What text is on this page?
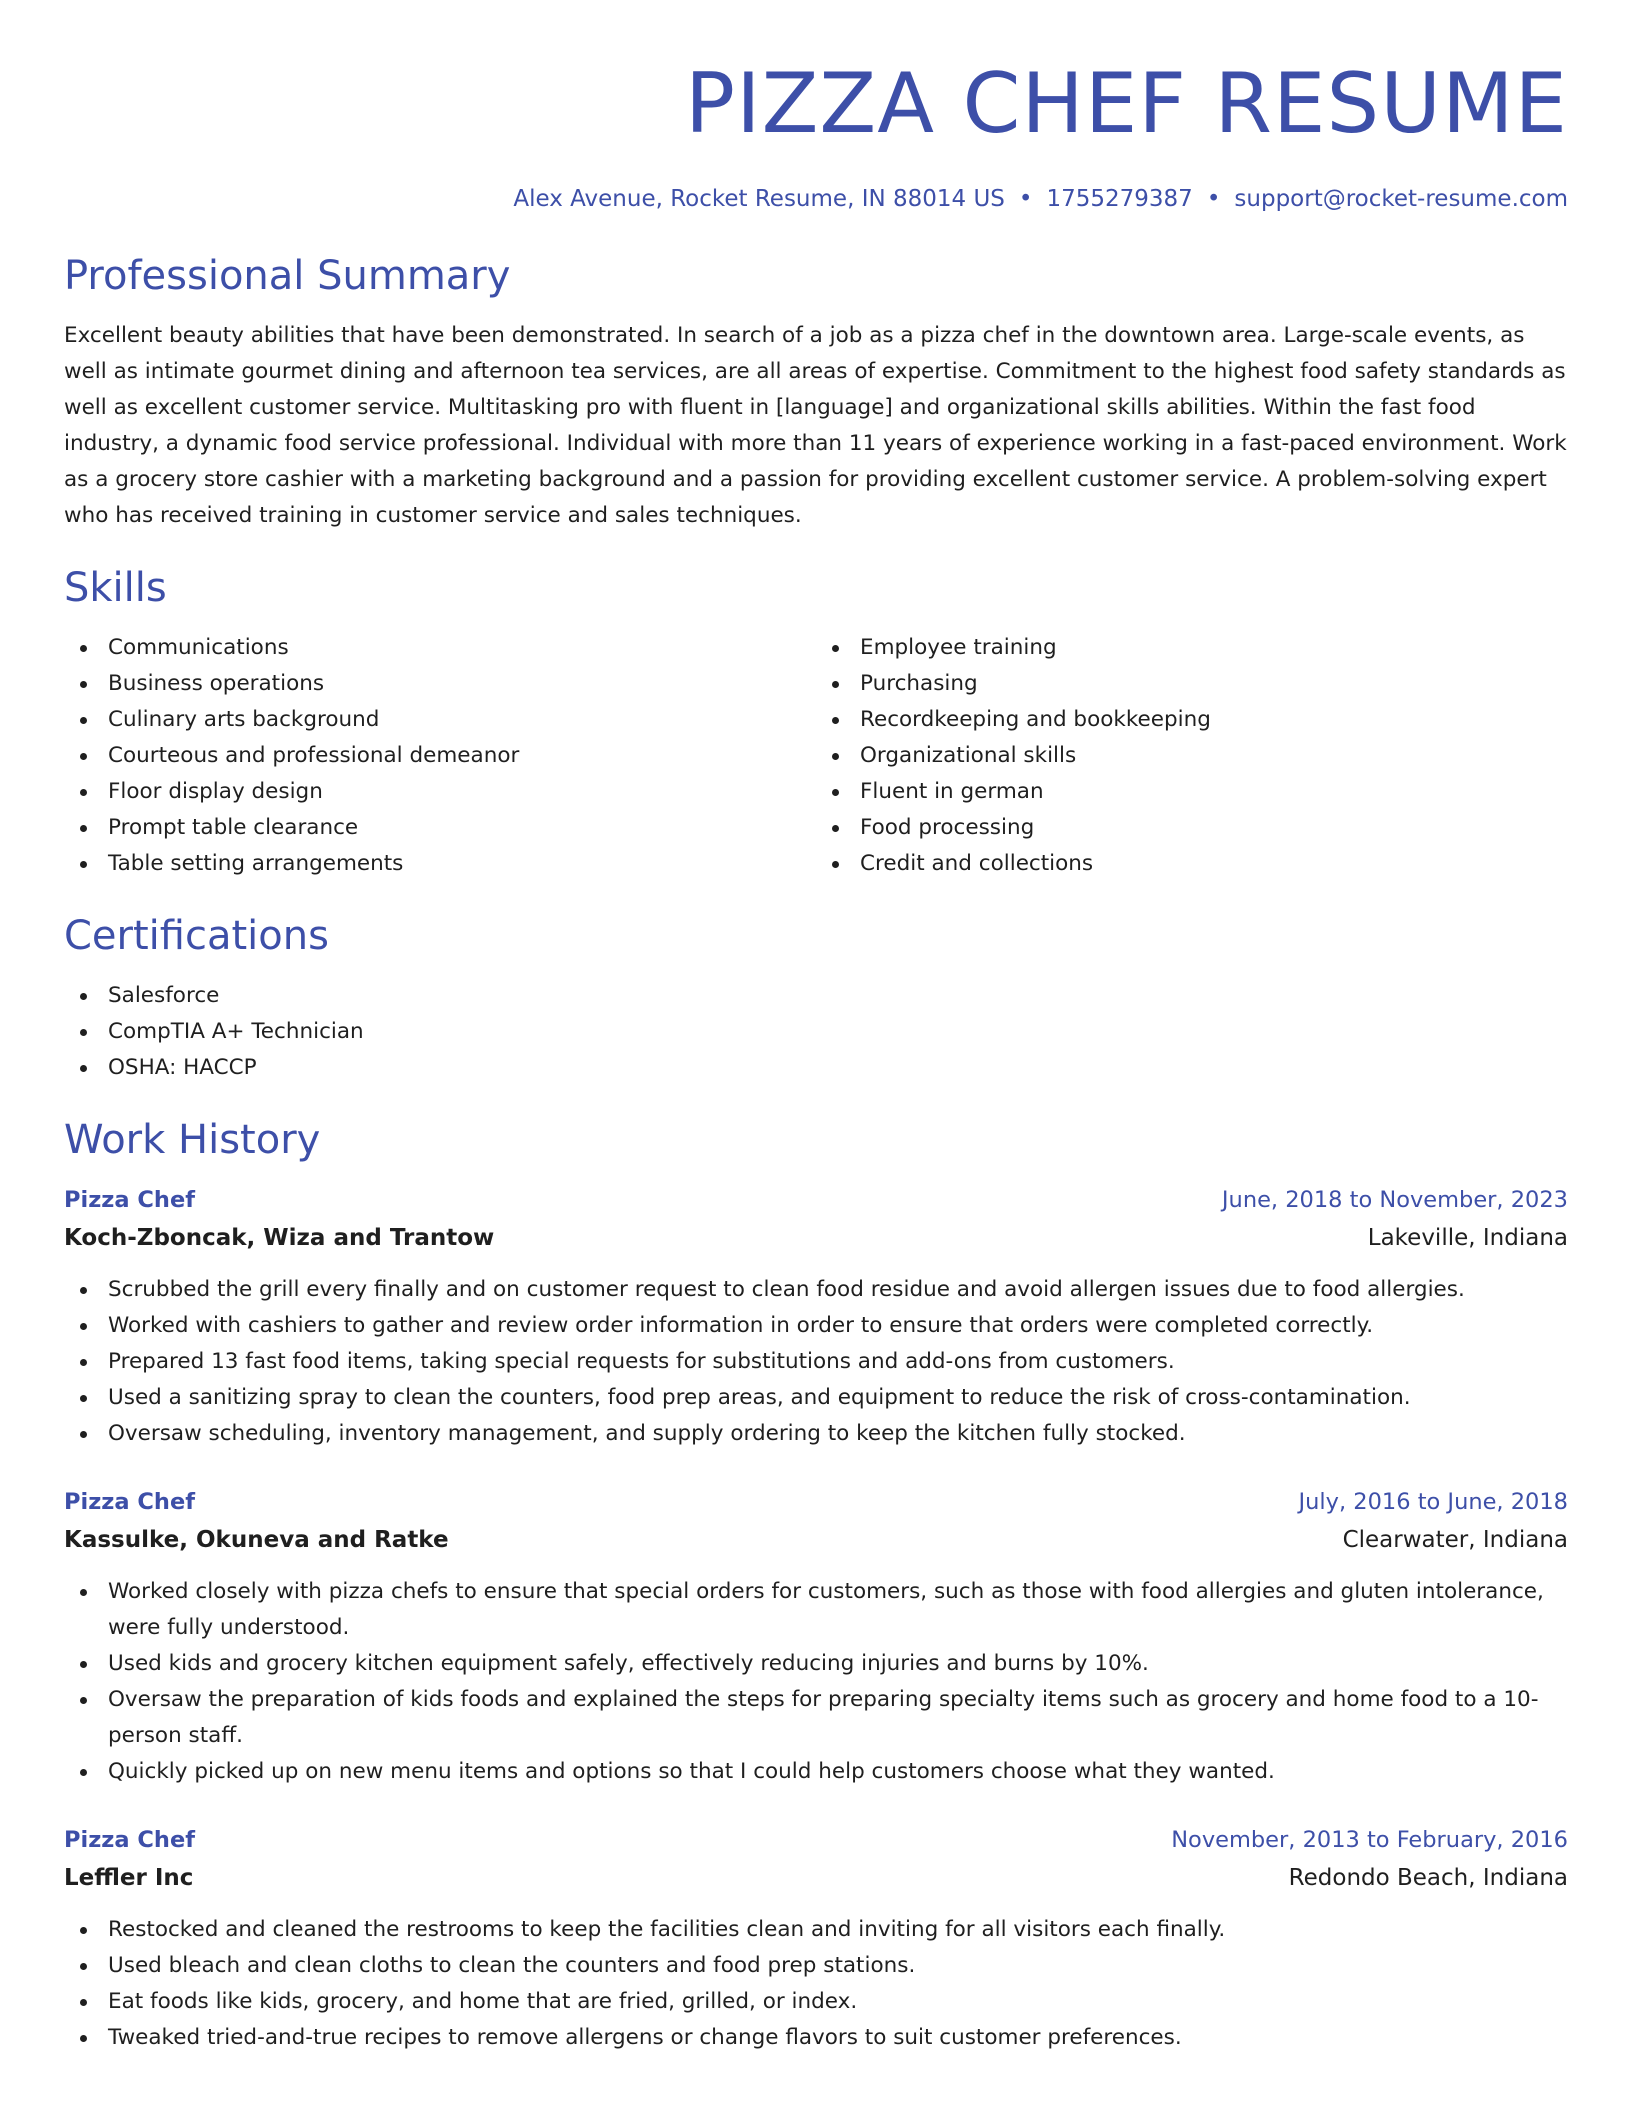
PIZZA CHEF RESUME
Alex Avenue, Rocket Resume, IN 88014 US • 1755279387 • support@rocket-resume.com
Professional Summary
Excellent beauty abilities that have been demonstrated. In search of a job as a pizza chef in the downtown area. Large-scale events, as well as intimate gourmet dining and afternoon tea services, are all areas of expertise. Commitment to the highest food safety standards as well as excellent customer service. Multitasking pro with fluent in [language] and organizational skills abilities. Within the fast food industry, a dynamic food service professional. Individual with more than 11 years of experience working in a fast-paced environment. Work as a grocery store cashier with a marketing background and a passion for providing excellent customer service. A problem-solving expert who has received training in customer service and sales techniques.
Skills
Communications
Business operations
Culinary arts background
Courteous and professional demeanor
Floor display design
Prompt table clearance
Table setting arrangements
Employee training
Purchasing
Recordkeeping and bookkeeping
Organizational skills
Fluent in german
Food processing
Credit and collections
Certifications
Salesforce
CompTIA A+ Technician
OSHA: HACCP
Work History
Pizza Chef	June, 2018 to November, 2023
Koch-Zboncak, Wiza and Trantow	Lakeville, Indiana
Scrubbed the grill every finally and on customer request to clean food residue and avoid allergen issues due to food allergies.
Worked with cashiers to gather and review order information in order to ensure that orders were completed correctly.
Prepared 13 fast food items, taking special requests for substitutions and add-ons from customers.
Used a sanitizing spray to clean the counters, food prep areas, and equipment to reduce the risk of cross-contamination.
Oversaw scheduling, inventory management, and supply ordering to keep the kitchen fully stocked.
Pizza Chef	July, 2016 to June, 2018
Kassulke, Okuneva and Ratke	Clearwater, Indiana
Worked closely with pizza chefs to ensure that special orders for customers, such as those with food allergies and gluten intolerance, were fully understood.
Used kids and grocery kitchen equipment safely, effectively reducing injuries and burns by 10%.
Oversaw the preparation of kids foods and explained the steps for preparing specialty items such as grocery and home food to a 10-person staff.
Quickly picked up on new menu items and options so that I could help customers choose what they wanted.
Pizza Chef	November, 2013 to February, 2016
Leffler Inc	Redondo Beach, Indiana
Restocked and cleaned the restrooms to keep the facilities clean and inviting for all visitors each finally.
Used bleach and clean cloths to clean the counters and food prep stations.
Eat foods like kids, grocery, and home that are fried, grilled, or index.
Tweaked tried-and-true recipes to remove allergens or change flavors to suit customer preferences.
